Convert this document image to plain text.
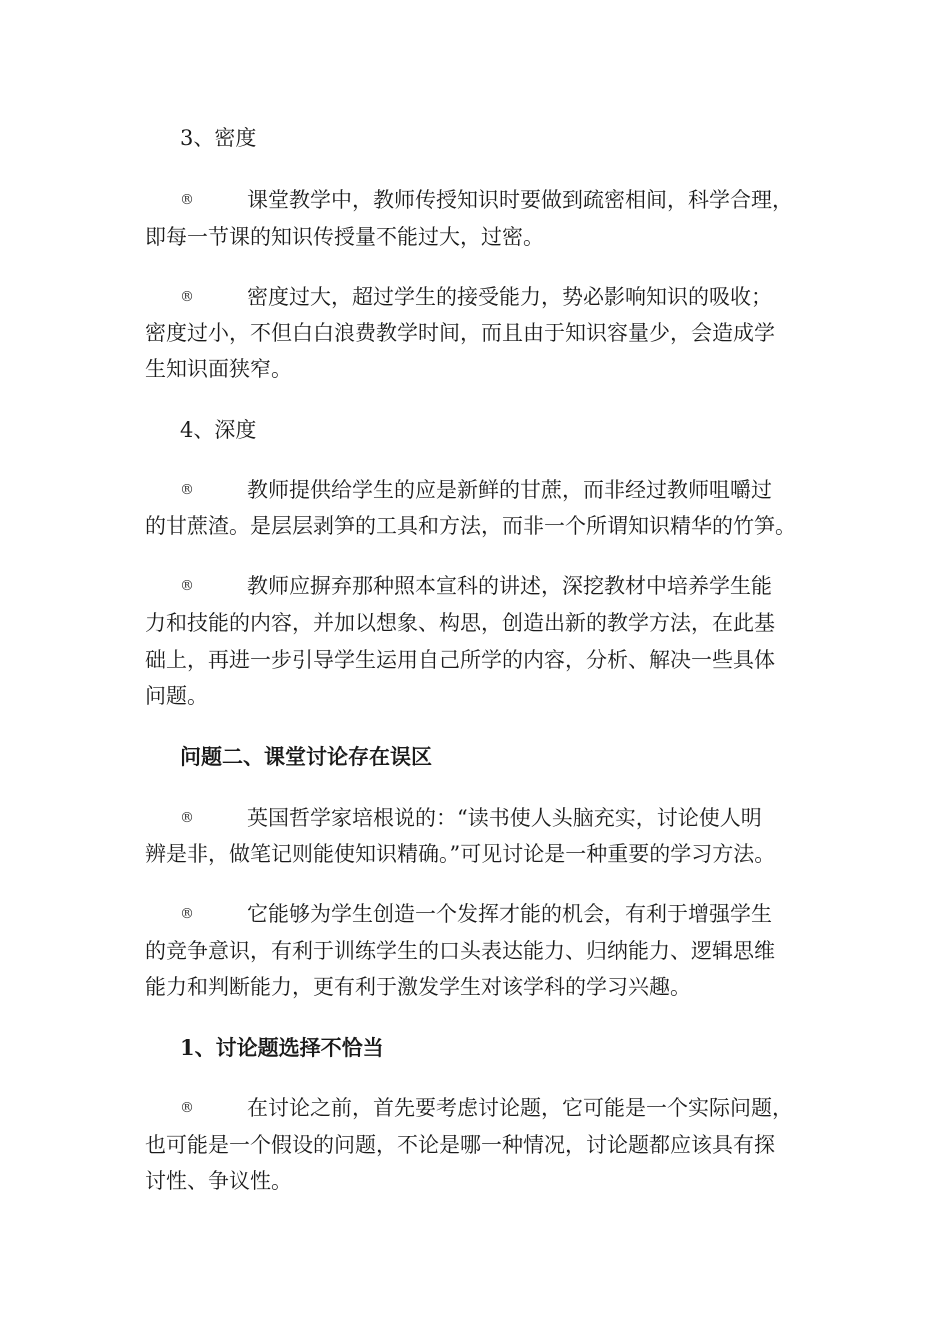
3、密度
®	课堂教学中，教师传授知识时要做到疏密相间，科学合理，
即每一节课的知识传授量不能过大，过密。
®	密度过大，超过学生的接受能力，势必影响知识的吸收；
密度过小，不但白白浪费教学时间，而且由于知识容量少，会造成学
生知识面狭窄。
4、深度
®	教师提供给学生的应是新鲜的甘蔗，而非经过教师咀嚼过
的甘蔗渣。是层层剥笋的工具和方法，而非一个所谓知识精华的竹笋。
®	教师应摒弃那种照本宣科的讲述，深挖教材中培养学生能
力和技能的内容，并加以想象、构思，创造出新的教学方法，在此基
础上，再进一步引导学生运用自己所学的内容，分析、解决一些具体
问题。
问题二、课堂讨论存在误区
®	英国哲学家培根说的：“读书使人头脑充实，讨论使人明
辨是非，做笔记则能使知识精确。”可见讨论是一种重要的学习方法。
®	它能够为学生创造一个发挥才能的机会，有利于增强学生
的竞争意识，有利于训练学生的口头表达能力、归纳能力、逻辑思维
能力和判断能力，更有利于激发学生对该学科的学习兴趣。
1、讨论题选择不恰当
®	在讨论之前，首先要考虑讨论题，它可能是一个实际问题，
也可能是一个假设的问题，不论是哪一种情况，讨论题都应该具有探
讨性、争议性。
